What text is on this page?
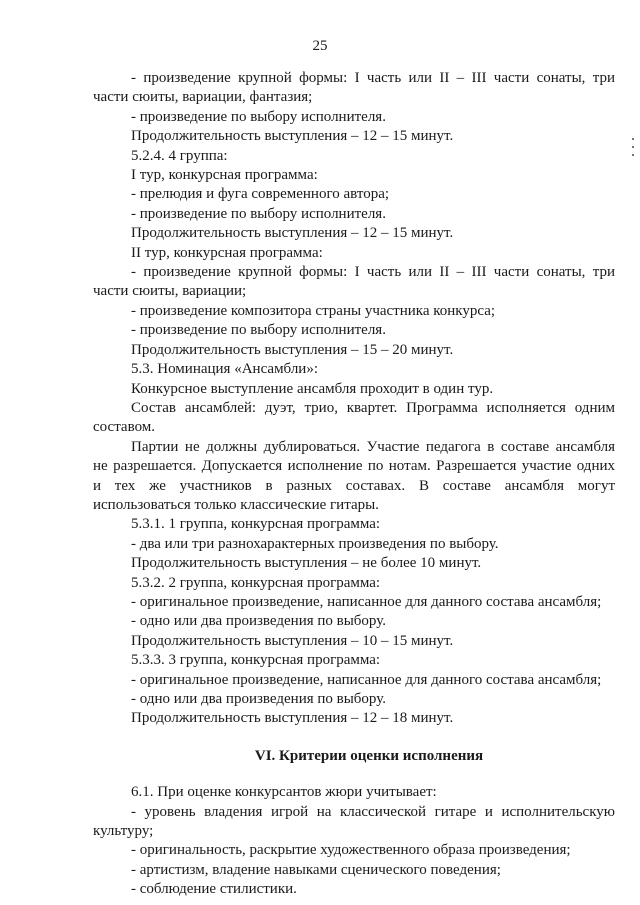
25

- произведение крупной формы: I часть или II – III части сонаты, три

части сюиты, вариации, фантазия;

- произведение по выбору исполнителя.

Продолжительность выступления – 12 – 15 минут.

5.2.4. 4 группа:

I тур, конкурсная программа:

- прелюдия и фуга современного автора;

- произведение по выбору исполнителя.

Продолжительность выступления – 12 – 15 минут.

II тур, конкурсная программа:

- произведение крупной формы: I часть или II – III части сонаты, три

части сюиты, вариации;

- произведение композитора страны участника конкурса;

- произведение по выбору исполнителя.

Продолжительность выступления – 15 – 20 минут.

5.3. Номинация «Ансамбли»:

Конкурсное выступление ансамбля проходит в один тур.

Состав ансамблей: дуэт, трио, квартет. Программа исполняется одним

составом.

Партии не должны дублироваться. Участие педагога в составе ансамбля

не разрешается. Допускается исполнение по нотам. Разрешается участие одних

и тех же участников в разных составах. В составе ансамбля могут

использоваться только классические гитары.

5.3.1. 1 группа, конкурсная программа:

- два или три разнохарактерных произведения по выбору.

Продолжительность выступления – не более 10 минут.

5.3.2. 2 группа, конкурсная программа:

- оригинальное произведение, написанное для данного состава ансамбля;

- одно или два произведения по выбору.

Продолжительность выступления – 10 – 15 минут.

5.3.3. 3 группа, конкурсная программа:

- оригинальное произведение, написанное для данного состава ансамбля;

- одно или два произведения по выбору.

Продолжительность выступления – 12 – 18 минут.

VI. Критерии оценки исполнения

6.1. При оценке конкурсантов жюри учитывает:

- уровень владения игрой на классической гитаре и исполнительскую

культуру;

- оригинальность, раскрытие художественного образа произведения;

- артистизм, владение навыками сценического поведения;

- соблюдение стилистики.
